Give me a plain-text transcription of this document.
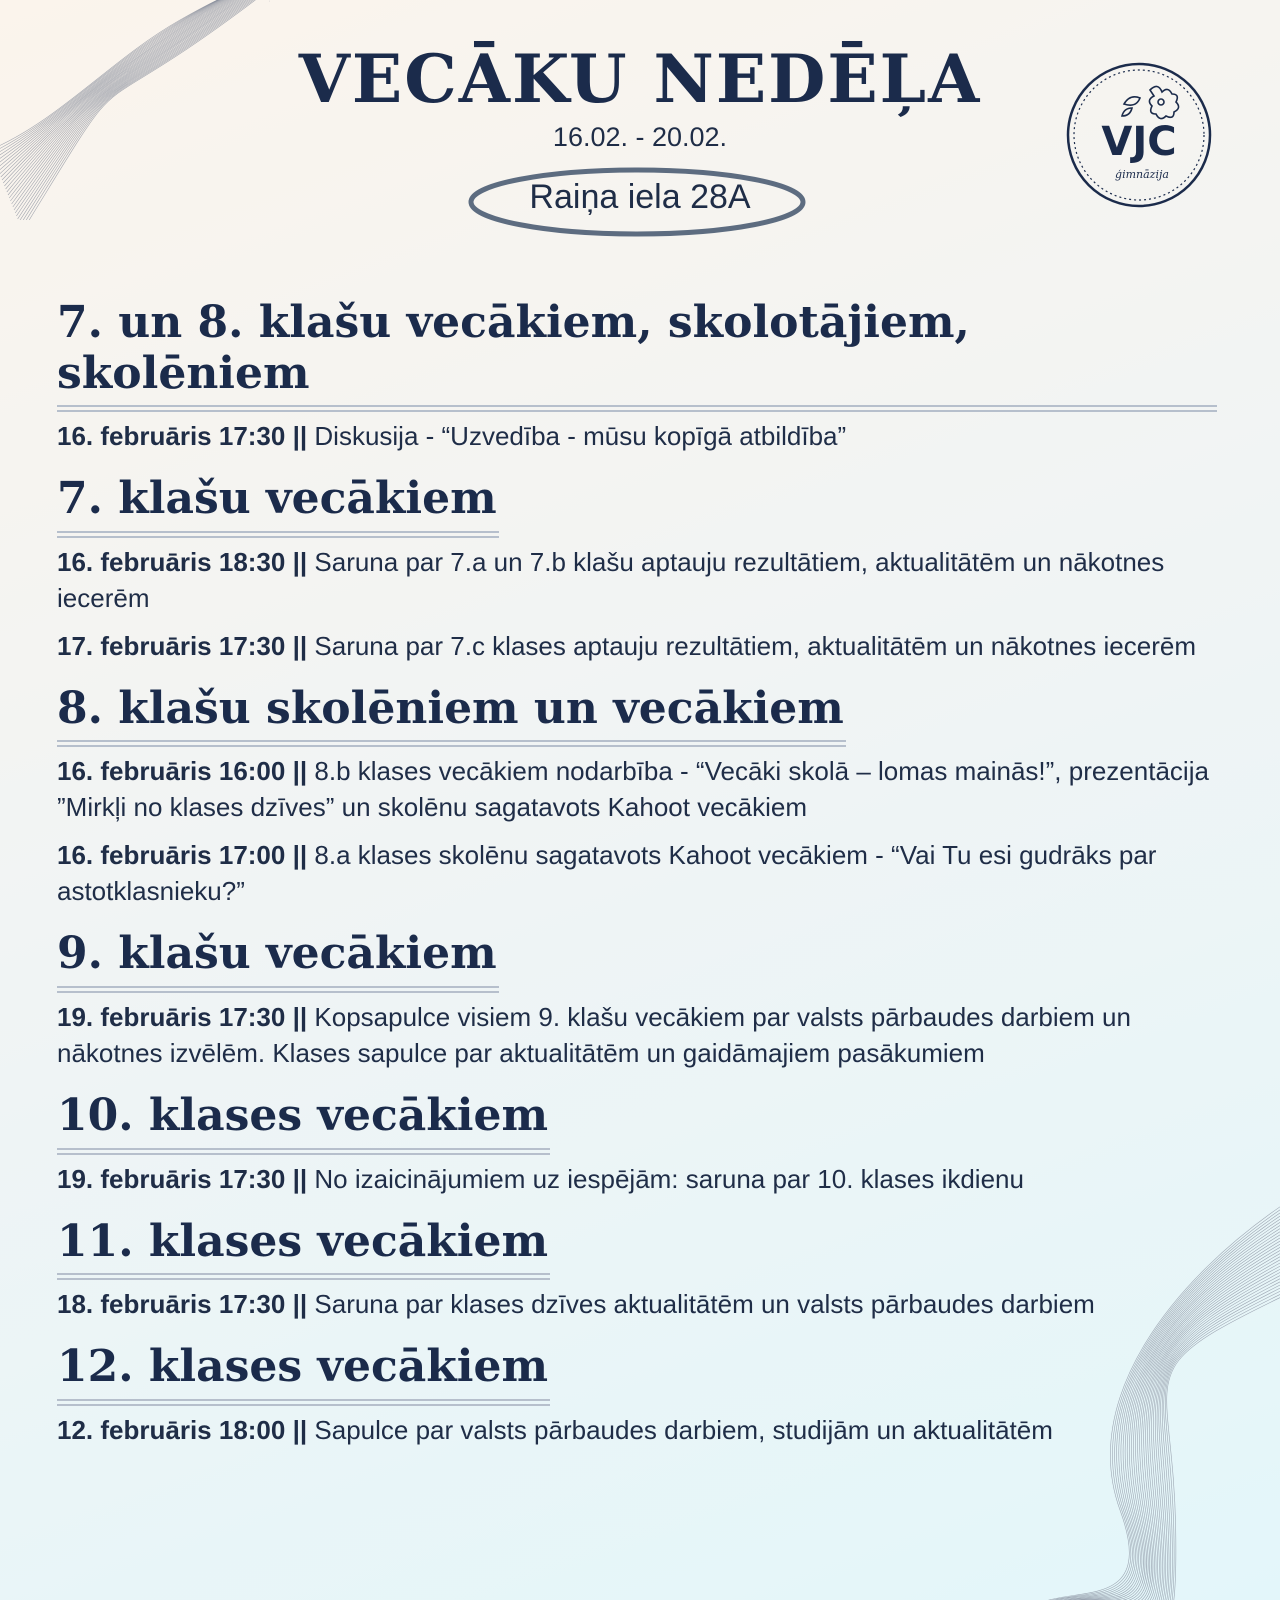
VECĀKU NEDĒĻA
16.02. - 20.02.
Raiņa iela 28A
VJC
ģimnāzija
7. un 8. klašu vecākiem, skolotājiem, skolēniem
16. februāris 17:30 || Diskusija - “Uzvedība - mūsu kopīgā atbildība”
7. klašu vecākiem
16. februāris 18:30 || Saruna par 7.a un 7.b klašu aptauju rezultātiem, aktualitātēm un nākotnes iecerēm
17. februāris 17:30 || Saruna par 7.c klases aptauju rezultātiem, aktualitātēm un nākotnes iecerēm
8. klašu skolēniem un vecākiem
16. februāris 16:00 || 8.b klases vecākiem nodarbība - “Vecāki skolā – lomas mainās!”, prezentācija ”Mirkļi no klases dzīves” un skolēnu sagatavots Kahoot vecākiem
16. februāris 17:00 || 8.a klases skolēnu sagatavots Kahoot vecākiem - “Vai Tu esi gudrāks par astotklasnieku?”
9. klašu vecākiem
19. februāris 17:30 || Kopsapulce visiem 9. klašu vecākiem par valsts pārbaudes darbiem un nākotnes izvēlēm. Klases sapulce par aktualitātēm un gaidāmajiem pasākumiem
10. klases vecākiem
19. februāris 17:30 || No izaicinājumiem uz iespējām: saruna par 10. klases ikdienu
11. klases vecākiem
18. februāris 17:30 || Saruna par klases dzīves aktualitātēm un valsts pārbaudes darbiem
12. klases vecākiem
12. februāris 18:00 || Sapulce par valsts pārbaudes darbiem, studijām un aktualitātēm
